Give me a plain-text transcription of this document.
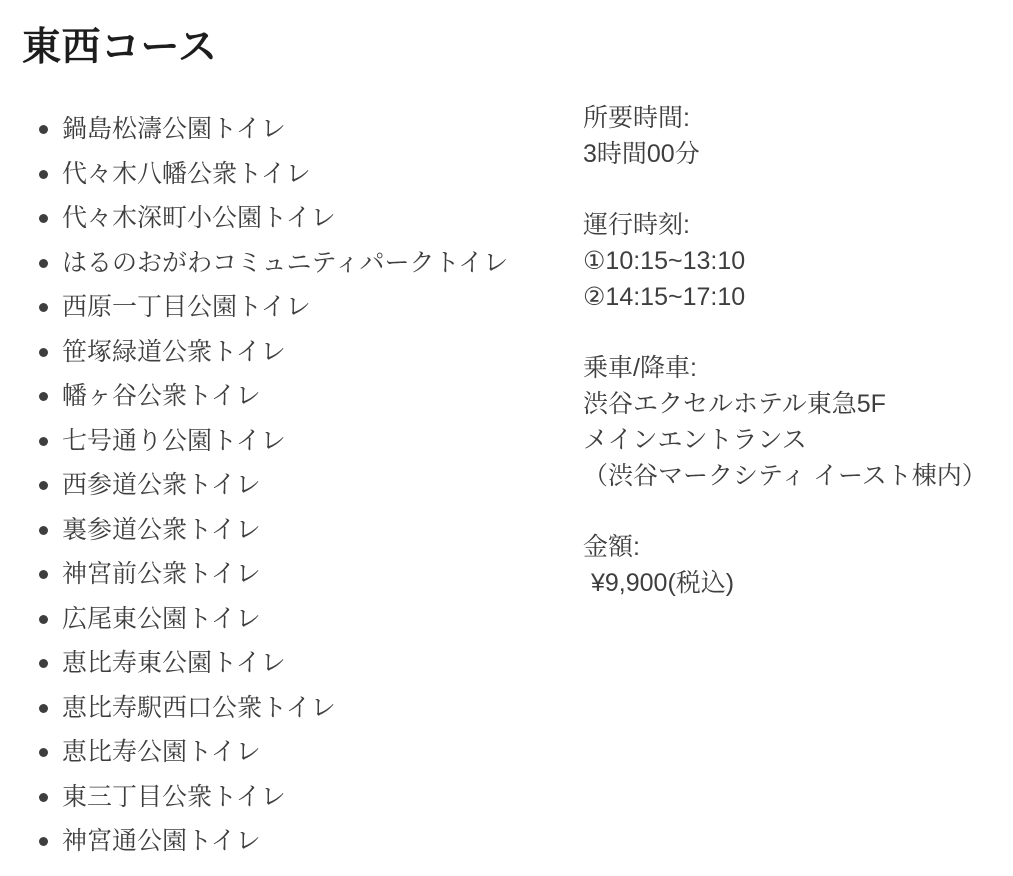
東西コース
鍋島松濤公園トイレ
代々木八幡公衆トイレ
代々木深町小公園トイレ
はるのおがわコミュニティパークトイレ
西原一丁目公園トイレ
笹塚緑道公衆トイレ
幡ヶ谷公衆トイレ
七号通り公園トイレ
西参道公衆トイレ
裏参道公衆トイレ
神宮前公衆トイレ
広尾東公園トイレ
恵比寿東公園トイレ
恵比寿駅西口公衆トイレ
恵比寿公園トイレ
東三丁目公衆トイレ
神宮通公園トイレ

所要時間:
3時間00分

運行時刻:
①10:15~13:10
②14:15~17:10

乗車/降車:
渋谷エクセルホテル東急5F
メインエントランス
（渋谷マークシティ イースト棟内）

金額:
¥9,900(税込)
